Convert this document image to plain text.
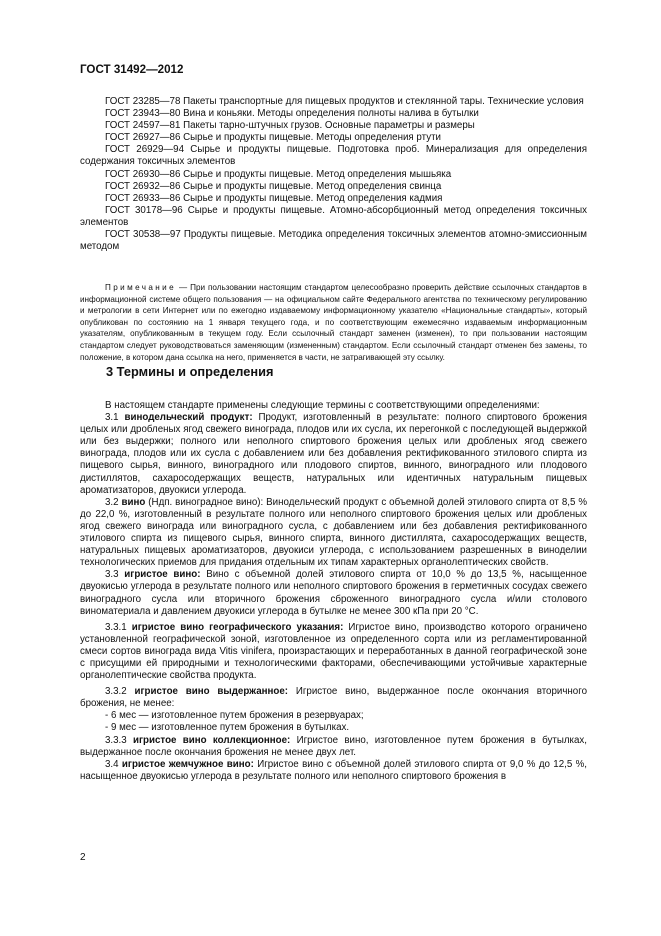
ГОСТ 31492—2012

ГОСТ 23285—78 Пакеты транспортные для пищевых продуктов и стеклянной тары. Технические условия

ГОСТ 23943—80 Вина и коньяки. Методы определения полноты налива в бутылки

ГОСТ 24597—81 Пакеты тарно-штучных грузов. Основные параметры и размеры

ГОСТ 26927—86 Сырье и продукты пищевые. Методы определения ртути

ГОСТ 26929—94 Сырье и продукты пищевые. Подготовка проб. Минерализация для определения содержания токсичных элементов

ГОСТ 26930—86 Сырье и продукты пищевые. Метод определения мышьяка

ГОСТ 26932—86 Сырье и продукты пищевые. Метод определения свинца

ГОСТ 26933—86 Сырье и продукты пищевые. Метод определения кадмия

ГОСТ 30178—96 Сырье и продукты пищевые. Атомно-абсорбционный метод определения токсичных элементов

ГОСТ 30538—97 Продукты пищевые. Методика определения токсичных элементов атомно-эмиссионным методом

Примечание — При пользовании настоящим стандартом целесообразно проверить действие ссылочных стандартов в информационной системе общего пользования — на официальном сайте Федерального агентства по техническому регулированию и метрологии в сети Интернет или по ежегодно издаваемому информационному указателю «Национальные стандарты», который опубликован по состоянию на 1 января текущего года, и по соответствующим ежемесячно издаваемым информационным указателям, опубликованным в текущем году. Если ссылочный стандарт заменен (изменен), то при пользовании настоящим стандартом следует руководствоваться заменяющим (измененным) стандартом. Если ссылочный стандарт отменен без замены, то положение, в котором дана ссылка на него, применяется в части, не затрагивающей эту ссылку.

3 Термины и определения

В настоящем стандарте применены следующие термины с соответствующими определениями:

3.1 винодельческий продукт: Продукт, изготовленный в результате: полного спиртового брожения целых или дробленых ягод свежего винограда, плодов или их сусла, их перегонкой с последующей выдержкой или без выдержки; полного или неполного спиртового брожения целых или дробленых ягод свежего винограда, плодов или их сусла с добавлением или без добавления ректификованного этилового спирта из пищевого сырья, винного, виноградного или плодового спиртов, винного, виноградного или плодового дистиллятов, сахаросодержащих веществ, натуральных или идентичных натуральным пищевых ароматизаторов, двуокиси углерода.

3.2 вино (Ндп. виноградное вино): Винодельческий продукт с объемной долей этилового спирта от 8,5 % до 22,0 %, изготовленный в результате полного или неполного спиртового брожения целых или дробленых ягод свежего винограда или виноградного сусла, с добавлением или без добавления ректификованного этилового спирта из пищевого сырья, винного спирта, винного дистиллята, сахаросодержащих веществ, натуральных пищевых ароматизаторов, двуокиси углерода, с использованием разрешенных в виноделии технологических приемов для придания отдельным их типам характерных органолептических свойств.

3.3 игристое вино: Вино с объемной долей этилового спирта от 10,0 % до 13,5 %, насыщенное двуокисью углерода в результате полного или неполного спиртового брожения в герметичных сосудах свежего виноградного сусла или вторичного брожения сброженного виноградного сусла и/или столового виноматериала и давлением двуокиси углерода в бутылке не менее 300 кПа при 20 °С.

3.3.1 игристое вино географического указания: Игристое вино, производство которого ограничено установленной географической зоной, изготовленное из определенного сорта или из регламентированной смеси сортов винограда вида Vitis vinifera, произрастающих и переработанных в данной географической зоне с присущими ей природными и технологическими факторами, обеспечивающими устойчивые характерные органолептические свойства продукта.

3.3.2 игристое вино выдержанное: Игристое вино, выдержанное после окончания вторичного брожения, не менее:

- 6 мес — изготовленное путем брожения в резервуарах;

- 9 мес — изготовленное путем брожения в бутылках.

3.3.3 игристое вино коллекционное: Игристое вино, изготовленное путем брожения в бутылках, выдержанное после окончания брожения не менее двух лет.

3.4 игристое жемчужное вино: Игристое вино с объемной долей этилового спирта от 9,0 % до 12,5 %, насыщенное двуокисью углерода в результате полного или неполного спиртового брожения в

2
